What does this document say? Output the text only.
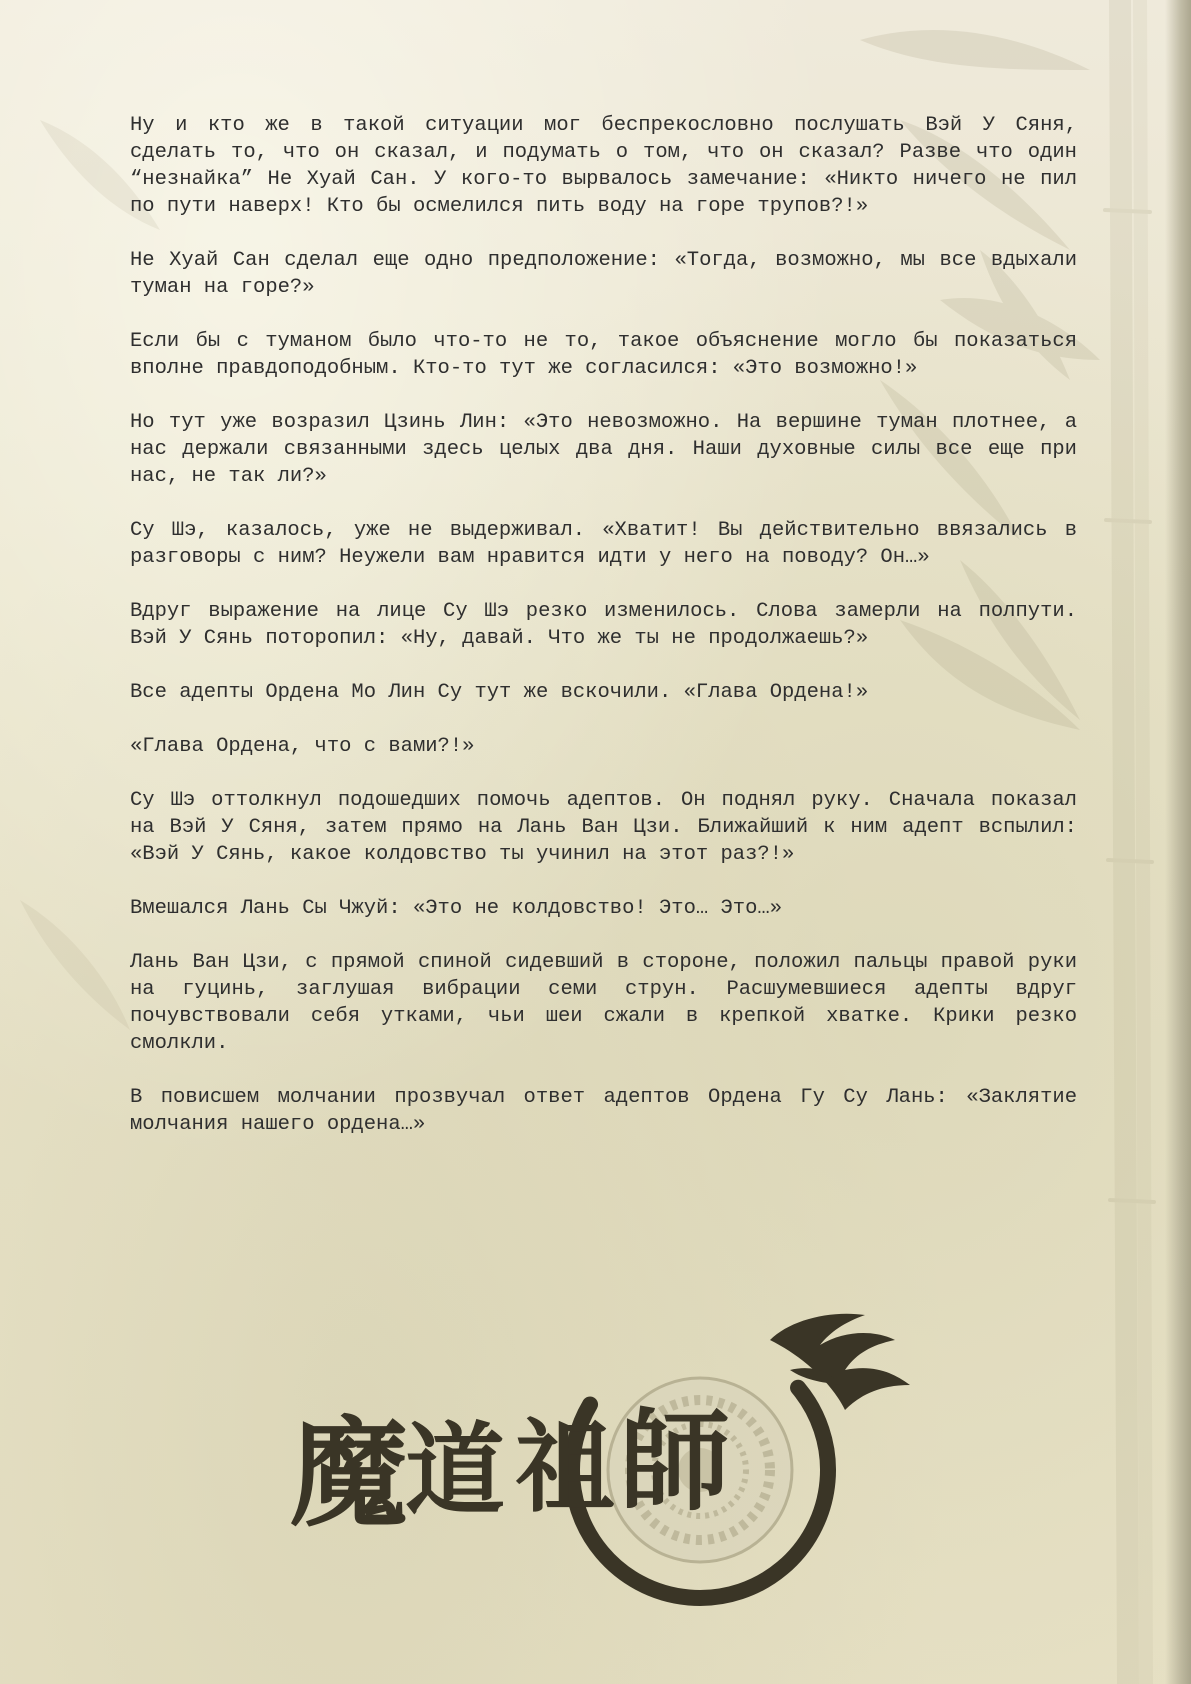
Ну и кто же в такой ситуации мог беспрекословно послушать Вэй У Сяня, сделать то, что он сказал, и подумать о том, что он сказал? Разве что один “незнайка” Не Хуай Сан. У кого-то вырвалось замечание: «Никто ничего не пил по пути наверх! Кто бы осмелился пить воду на горе трупов?!»

Не Хуай Сан сделал еще одно предположение: «Тогда, возможно, мы все вдыхали туман на горе?»

Если бы с туманом было что-то не то, такое объяснение могло бы показаться вполне правдоподобным. Кто-то тут же согласился: «Это возможно!»

Но тут уже возразил Цзинь Лин: «Это невозможно. На вершине туман плотнее, а нас держали связанными здесь целых два дня. Наши духовные силы все еще при нас, не так ли?»

Су Шэ, казалось, уже не выдерживал. «Хватит! Вы действительно ввязались в разговоры с ним? Неужели вам нравится идти у него на поводу? Он…»

Вдруг выражение на лице Су Шэ резко изменилось. Слова замерли на полпути. Вэй У Сянь поторопил: «Ну, давай. Что же ты не продолжаешь?»

Все адепты Ордена Мо Лин Су тут же вскочили. «Глава Ордена!»

«Глава Ордена, что с вами?!»

Су Шэ оттолкнул подошедших помочь адептов. Он поднял руку. Сначала показал на Вэй У Сяня, затем прямо на Лань Ван Цзи. Ближайший к ним адепт вспылил: «Вэй У Сянь, какое колдовство ты учинил на этот раз?!»

Вмешался Лань Сы Чжуй: «Это не колдовство! Это… Это…»

Лань Ван Цзи, с прямой спиной сидевший в стороне, положил пальцы правой руки на гуцинь, заглушая вибрации семи струн. Расшумевшиеся адепты вдруг почувствовали себя утками, чьи шеи сжали в крепкой хватке. Крики резко смолкли.

В повисшем молчании прозвучал ответ адептов Ордена Гу Су Лань: «Заклятие молчания нашего ордена…»

魔
道 祖 師
